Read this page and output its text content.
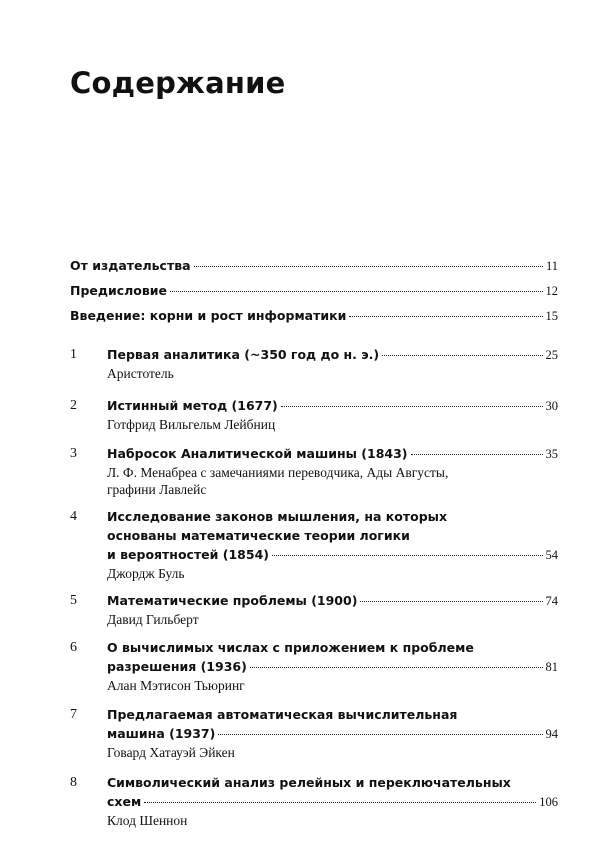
Содержание
От издательства	11
Предисловие	12
Введение: корни и рост информатики	15
1	Первая аналитика (~350 год до н. э.)	25
Аристотель
2	Истинный метод (1677)	30
Готфрид Вильгельм Лейбниц
3	Набросок Аналитической машины (1843)	35
Л. Ф. Менабреа с замечаниями переводчика, Ады Августы,
графини Лавлейс
4	Исследование законов мышления, на которых
основаны математические теории логики
и вероятностей (1854)	54
Джордж Буль
5	Математические проблемы (1900)	74
Давид Гильберт
6	О вычислимых числах с приложением к проблеме
разрешения (1936)	81
Алан Мэтисон Тьюринг
7	Предлагаемая автоматическая вычислительная
машина (1937)	94
Говард Хатауэй Эйкен
8	Символический анализ релейных и переключательных
схем	106
Клод Шеннон
